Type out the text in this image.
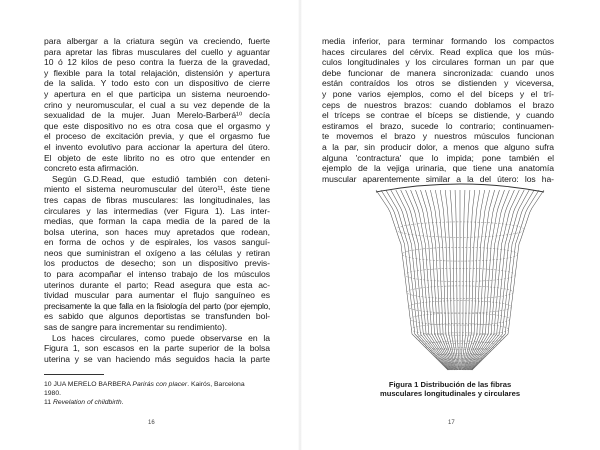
para albergar a la criatura según va creciendo, fuerte
para apretar las fibras musculares del cuello y aguantar
10 ó 12 kilos de peso contra la fuerza de la gravedad,
y flexible para la total relajación, distensión y apertura
de la salida. Y todo esto con un dispositivo de cierre
y apertura en el que participa un sistema neuroendo-
crino y neuromuscular, el cual a su vez depende de la
sexualidad de la mujer. Juan Merelo-Barberá¹⁰ decía
que este dispositivo no es otra cosa que el orgasmo y
el proceso de excitación previa, y que el orgasmo fue
el invento evolutivo para accionar la apertura del útero.
El objeto de este librito no es otro que entender en
concreto esta afirmación.
Según G.D.Read, que estudió también con deteni-
miento el sistema neuromuscular del útero¹¹, éste tiene
tres capas de fibras musculares: las longitudinales, las
circulares y las intermedias (ver Figura 1). Las inter-
medias, que forman la capa media de la pared de la
bolsa uterina, son haces muy apretados que rodean,
en forma de ochos y de espirales, los vasos sanguí-
neos que suministran el oxígeno a las células y retiran
los productos de desecho; son un dispositivo previs-
to para acompañar el intenso trabajo de los músculos
uterinos durante el parto; Read asegura que esta ac-
tividad muscular para aumentar el flujo sanguíneo es
precisamente la que falla en la fisiología del parto (por ejemplo,
es sabido que algunos deportistas se transfunden bol-
sas de sangre para incrementar su rendimiento).
Los haces circulares, como puede observarse en la
Figura 1, son escasos en la parte superior de la bolsa
uterina y se van haciendo más seguidos hacia la parte
10 JUA MERELO BARBERA Parirás con placer. Kairós, Barcelona
1980.
11 Revelation of childbirth.
16
media inferior, para terminar formando los compactos
haces circulares del cérvix. Read explica que los mús-
culos longitudinales y los circulares forman un par que
debe funcionar de manera sincronizada: cuando unos
están contraídos los otros se distienden y viceversa,
y pone varios ejemplos, como el del bíceps y el trí-
ceps de nuestros brazos: cuando doblamos el brazo
el tríceps se contrae el bíceps se distiende, y cuando
estiramos el brazo, sucede lo contrario; continuamen-
te movemos el brazo y nuestros músculos funcionan
a la par, sin producir dolor, a menos que alguno sufra
alguna 'contractura' que lo impida; pone también el
ejemplo de la vejiga urinaria, que tiene una anatomía
muscular aparentemente similar a la del útero: los ha-
Figura 1 Distribución de las fibras
musculares longitudinales y circulares
17
